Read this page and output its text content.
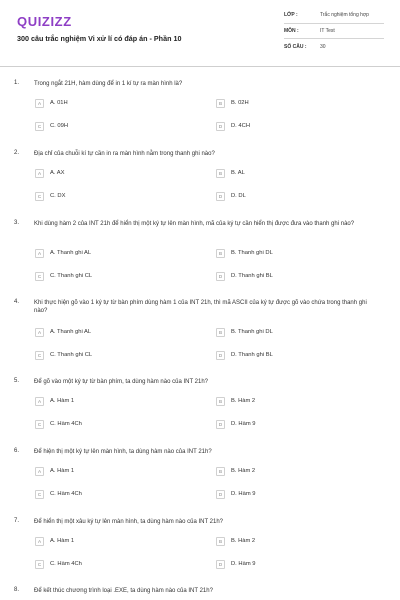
QUIZIZZ
300 câu trắc nghiệm Vi xử lí có đáp án - Phần 10
LỚP :	Trắc nghiệm tổng hợp
MÔN :	IT Test
SỐ CÂU :	30
1. Trong ngắt 21H, hàm dùng để in 1 kí tự ra màn hình là?
A	A. 01H	B	B. 02H
C	C. 09H	D	D. 4CH
2. Địa chỉ của chuỗi kí tự cần in ra màn hình nằm trong thanh ghi nào?
A	A. AX	B	B. AL
C	C. DX	D	D. DL
3. Khi dùng hàm 2 của INT 21h để hiển thị một ký tự lên màn hình, mã của ký tự cần hiển thị được đưa vào thanh ghi nào?
A	A. Thanh ghi AL	B	B. Thanh ghi DL
C	C. Thanh ghi CL	D	D. Thanh ghi BL
4. Khi thực hiện gõ vào 1 ký tự từ bàn phím dùng hàm 1 của INT 21h, thì mã ASCII của ký tự được gõ vào chứa trong thanh ghi nào?
A	A. Thanh ghi AL	B	B. Thanh ghi DL
C	C. Thanh ghi CL	D	D. Thanh ghi BL
5. Để gõ vào một ký tự từ bàn phím, ta dùng hàm nào của INT 21h?
A	A. Hàm 1	B	B. Hàm 2
C	C. Hàm 4Ch	D	D. Hàm 9
6. Để hiện thị một ký tự lên màn hình, ta dùng hàm nào của INT 21h?
A	A. Hàm 1	B	B. Hàm 2
C	C. Hàm 4Ch	D	D. Hàm 9
7. Để hiển thị một xâu ký tự lên màn hình, ta dùng hàm nào của INT 21h?
A	A. Hàm 1	B	B. Hàm 2
C	C. Hàm 4Ch	D	D. Hàm 9
8. Để kết thúc chương trình loại .EXE, ta dùng hàm nào của INT 21h?
